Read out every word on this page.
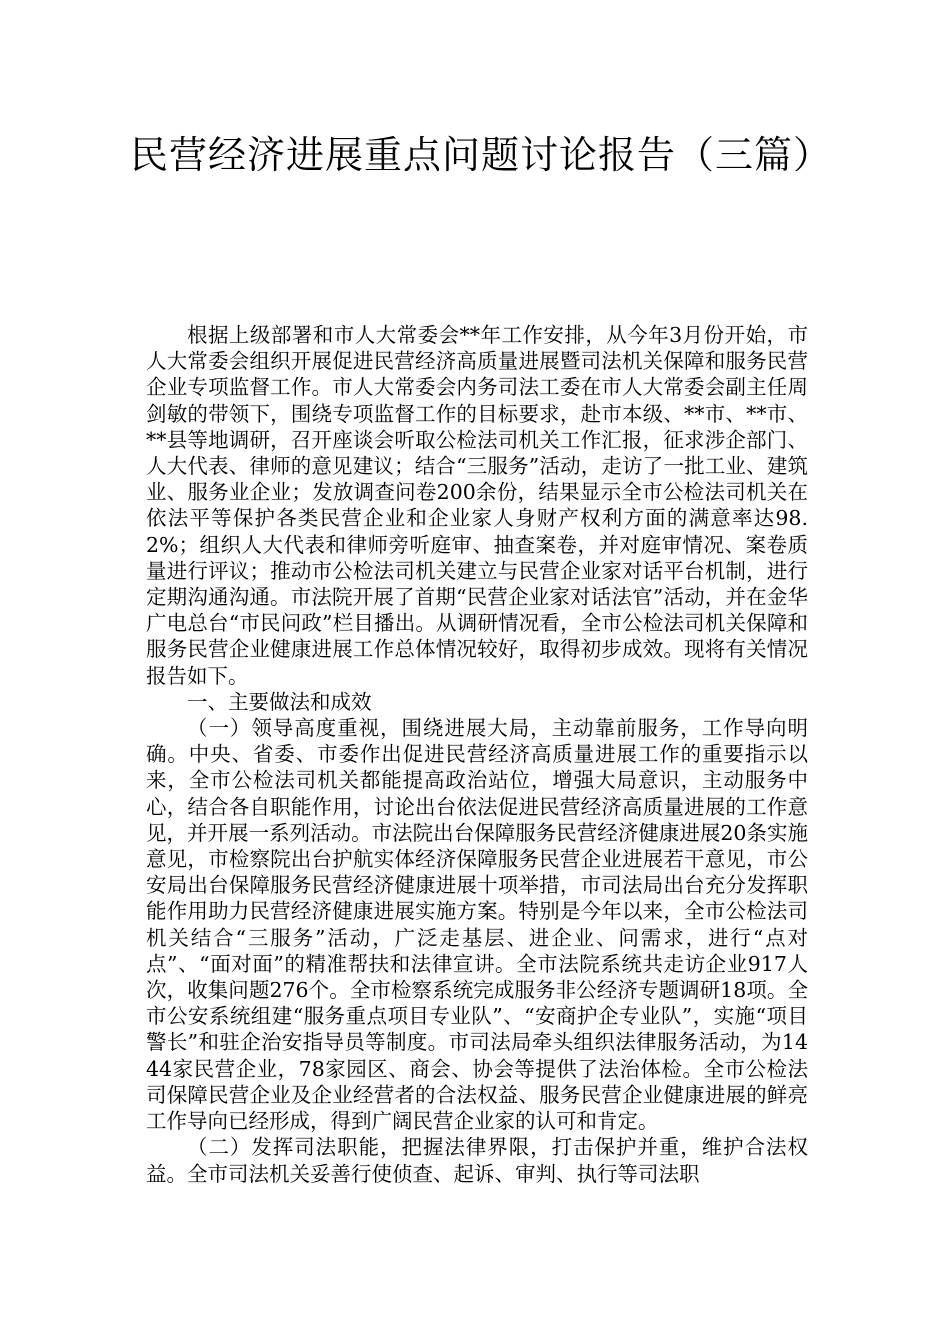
民营经济进展重点问题讨论报告（三篇）

根据上级部署和市人大常委会**年工作安排，从今年3月份开始，市人大常委会组织开展促进民营经济高质量进展暨司法机关保障和服务民营企业专项监督工作。市人大常委会内务司法工委在市人大常委会副主任周剑敏的带领下，围绕专项监督工作的目标要求，赴市本级、**市、**市、**县等地调研，召开座谈会听取公检法司机关工作汇报，征求涉企部门、人大代表、律师的意见建议；结合“三服务”活动，走访了一批工业、建筑业、服务业企业；发放调查问卷200余份，结果显示全市公检法司机关在依法平等保护各类民营企业和企业家人身财产权利方面的满意率达98.2%；组织人大代表和律师旁听庭审、抽查案卷，并对庭审情况、案卷质量进行评议；推动市公检法司机关建立与民营企业家对话平台机制，进行定期沟通沟通。市法院开展了首期“民营企业家对话法官”活动，并在金华广电总台“市民问政”栏目播出。从调研情况看，全市公检法司机关保障和服务民营企业健康进展工作总体情况较好，取得初步成效。现将有关情况报告如下。

一、主要做法和成效

（一）领导高度重视，围绕进展大局，主动靠前服务，工作导向明确。中央、省委、市委作出促进民营经济高质量进展工作的重要指示以来，全市公检法司机关都能提高政治站位，增强大局意识，主动服务中心，结合各自职能作用，讨论出台依法促进民营经济高质量进展的工作意见，并开展一系列活动。市法院出台保障服务民营经济健康进展20条实施意见，市检察院出台护航实体经济保障服务民营企业进展若干意见，市公安局出台保障服务民营经济健康进展十项举措，市司法局出台充分发挥职能作用助力民营经济健康进展实施方案。特别是今年以来，全市公检法司机关结合“三服务”活动，广泛走基层、进企业、问需求，进行“点对点”、“面对面”的精准帮扶和法律宣讲。全市法院系统共走访企业917人次，收集问题276个。全市检察系统完成服务非公经济专题调研18项。全市公安系统组建“服务重点项目专业队”、“安商护企专业队”，实施“项目警长”和驻企治安指导员等制度。市司法局牵头组织法律服务活动，为1444家民营企业，78家园区、商会、协会等提供了法治体检。全市公检法司保障民营企业及企业经营者的合法权益、服务民营企业健康进展的鲜亮工作导向已经形成，得到广阔民营企业家的认可和肯定。

（二）发挥司法职能，把握法律界限，打击保护并重，维护合法权益。全市司法机关妥善行使侦查、起诉、审判、执行等司法职
